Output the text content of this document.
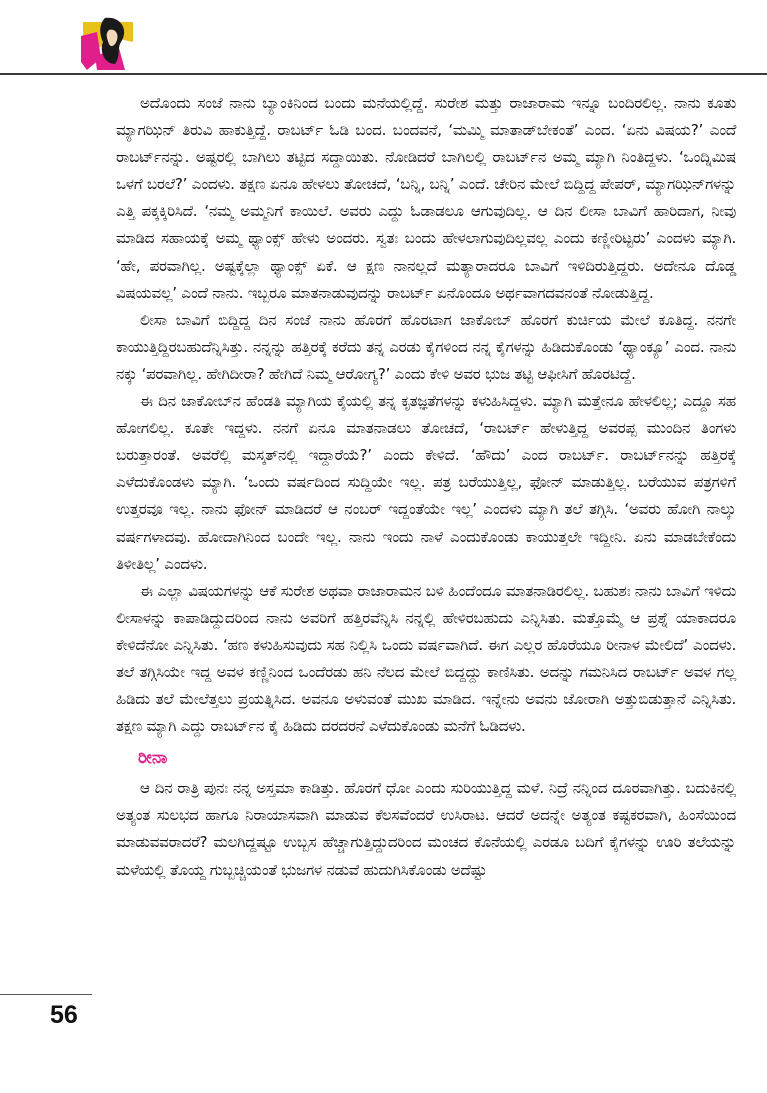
ಅದೊಂದು ಸಂಜೆ ನಾನು ಬ್ಯಾಂಕಿನಿಂದ ಬಂದು ಮನೆಯಲ್ಲಿದ್ದೆ. ಸುರೇಶ ಮತ್ತು ರಾಜಾರಾಮ ಇನ್ನೂ ಬಂದಿರಲಿಲ್ಲ. ನಾನು ಕೂತು ಮ್ಯಾಗಝಿನ್ ತಿರುವಿ ಹಾಕುತ್ತಿದ್ದೆ. ರಾಬರ್ಟ್ ಓಡಿ ಬಂದ. ಬಂದವನೆ, ‘ಮಮ್ಮಿ ಮಾತಾಡ್‌ಬೇಕಂತೆ’ ಎಂದ. ‘ಏನು ವಿಷಯ?’ ಎಂದೆ ರಾಬರ್ಟ್‌ನನ್ನು. ಅಷ್ಟರಲ್ಲಿ ಬಾಗಿಲು ತಟ್ಟಿದ ಸದ್ದಾಯಿತು. ನೋಡಿದರೆ ಬಾಗಿಲಲ್ಲಿ ರಾಬರ್ಟ್‌ನ ಅಮ್ಮ ಮ್ಯಾಗಿ ನಿಂತಿದ್ದಳು. ‘ಒಂದ್ನಿಮಿಷ ಒಳಗೆ ಬರಲೆ?’ ಎಂದಳು. ತಕ್ಷಣ ಏನೂ ಹೇಳಲು ತೋಚದೆ, ‘ಬನ್ನಿ, ಬನ್ನಿ’ ಎಂದೆ. ಚೇರಿನ ಮೇಲೆ ಬಿದ್ದಿದ್ದ ಪೇಪರ್, ಮ್ಯಾಗಝಿನ್‌ಗಳನ್ನು ಎತ್ತಿ ಪಕ್ಕಕ್ಕಿರಿಸಿದೆ. ‘ನಮ್ಮ ಅಮ್ಮನಿಗೆ ಕಾಯಿಲೆ. ಅವರು ಎದ್ದು ಓಡಾಡಲೂ ಆಗುವುದಿಲ್ಲ. ಆ ದಿನ ಲೀಸಾ ಬಾವಿಗೆ ಹಾರಿದಾಗ, ನೀವು ಮಾಡಿದ ಸಹಾಯಕ್ಕೆ ಅಮ್ಮ ಥ್ಯಾಂಕ್ಸ್ ಹೇಳು ಅಂದರು. ಸ್ವತಃ ಬಂದು ಹೇಳಲಾಗುವುದಿಲ್ಲವಲ್ಲ ಎಂದು ಕಣ್ಣೀರಿಟ್ಟರು’ ಎಂದಳು ಮ್ಯಾಗಿ. ‘ಹೇ, ಪರವಾಗಿಲ್ಲ. ಅಷ್ಟಕ್ಕೆಲ್ಲಾ ಥ್ಯಾಂಕ್ಸ್ ಏಕೆ. ಆ ಕ್ಷಣ ನಾನಲ್ಲದೆ ಮತ್ಯಾರಾದರೂ ಬಾವಿಗೆ ಇಳಿದಿರುತ್ತಿದ್ದರು. ಅದೇನೂ ದೊಡ್ಡ ವಿಷಯವಲ್ಲ’ ಎಂದೆ ನಾನು. ಇಬ್ಬರೂ ಮಾತನಾಡುವುದನ್ನು ರಾಬರ್ಟ್ ಏನೊಂದೂ ಅರ್ಥವಾಗದವನಂತೆ ನೋಡುತ್ತಿದ್ದ.

ಲೀಸಾ ಬಾವಿಗೆ ಬಿದ್ದಿದ್ದ ದಿನ ಸಂಜೆ ನಾನು ಹೊರಗೆ ಹೊರಟಾಗ ಜಾಕೋಬ್ ಹೊರಗೆ ಕುರ್ಚಿಯ ಮೇಲೆ ಕೂತಿದ್ದ. ನನಗೇ ಕಾಯುತ್ತಿದ್ದಿರಬಹುದೆನ್ನಿಸಿತ್ತು. ನನ್ನನ್ನು ಹತ್ತಿರಕ್ಕೆ ಕರೆದು ತನ್ನ ಎರಡು ಕೈಗಳಿಂದ ನನ್ನ ಕೈಗಳನ್ನು ಹಿಡಿದುಕೊಂಡು ‘ಥ್ಯಾಂಕ್ಯೂ’ ಎಂದ. ನಾನು ನಕ್ಕು ‘ಪರವಾಗಿಲ್ಲ. ಹೇಗಿದೀರಾ? ಹೇಗಿದೆ ನಿಮ್ಮ ಆರೋಗ್ಯ?’ ಎಂದು ಕೇಳಿ ಅವರ ಭುಜ ತಟ್ಟಿ ಆಫೀಸಿಗೆ ಹೊರಟಿದ್ದೆ.

ಈ ದಿನ ಜಾಕೋಬ್‌ನ ಹೆಂಡತಿ ಮ್ಯಾಗಿಯ ಕೈಯಲ್ಲಿ ತನ್ನ ಕೃತಜ್ಞತೆಗಳನ್ನು ಕಳುಹಿಸಿದ್ದಳು. ಮ್ಯಾಗಿ ಮತ್ತೇನೂ ಹೇಳಲಿಲ್ಲ; ಎದ್ದೂ ಸಹ ಹೋಗಲಿಲ್ಲ. ಕೂತೇ ಇದ್ದಳು. ನನಗೆ ಏನೂ ಮಾತನಾಡಲು ತೋಚದೆ, ‘ರಾಬರ್ಟ್ ಹೇಳುತ್ತಿದ್ದ ಅವರಪ್ಪ ಮುಂದಿನ ತಿಂಗಳು ಬರುತ್ತಾರಂತೆ. ಅವರೆಲ್ಲಿ ಮಸ್ಕತ್‌ನಲ್ಲಿ ಇದ್ದಾರೆಯೆ?’ ಎಂದು ಕೇಳಿದೆ. ‘ಹೌದು’ ಎಂದ ರಾಬರ್ಟ್. ರಾಬರ್ಟ್‌ನನ್ನು ಹತ್ತಿರಕ್ಕೆ ಎಳೆದುಕೊಂಡಳು ಮ್ಯಾಗಿ. ‘ಒಂದು ವರ್ಷದಿಂದ ಸುದ್ದಿಯೇ ಇಲ್ಲ. ಪತ್ರ ಬರೆಯುತ್ತಿಲ್ಲ, ಫೋನ್ ಮಾಡುತ್ತಿಲ್ಲ. ಬರೆಯುವ ಪತ್ರಗಳಿಗೆ ಉತ್ತರವೂ ಇಲ್ಲ. ನಾನು ಫೋನ್ ಮಾಡಿದರೆ ಆ ನಂಬರ್ ಇದ್ದಂತೆಯೇ ಇಲ್ಲ’ ಎಂದಳು ಮ್ಯಾಗಿ ತಲೆ ತಗ್ಗಿಸಿ. ‘ಅವರು ಹೋಗಿ ನಾಲ್ಕು ವರ್ಷಗಳಾದವು. ಹೋದಾಗಿನಿಂದ ಬಂದೇ ಇಲ್ಲ. ನಾನು ಇಂದು ನಾಳೆ ಎಂದುಕೊಂಡು ಕಾಯುತ್ತಲೇ ಇದ್ದೀನಿ. ಏನು ಮಾಡಬೇಕೆಂದು ತಿಳೀತಿಲ್ಲ’ ಎಂದಳು.

ಈ ಎಲ್ಲಾ ವಿಷಯಗಳನ್ನು ಆಕೆ ಸುರೇಶ ಅಥವಾ ರಾಜಾರಾಮನ ಬಳಿ ಹಿಂದೆಂದೂ ಮಾತನಾಡಿರಲಿಲ್ಲ. ಬಹುಶಃ ನಾನು ಬಾವಿಗೆ ಇಳಿದು ಲೀಸಾಳನ್ನು ಕಾಪಾಡಿದ್ದುದರಿಂದ ನಾನು ಅವರಿಗೆ ಹತ್ತಿರವೆನ್ನಿಸಿ ನನ್ನಲ್ಲಿ ಹೇಳಿರಬಹುದು ಎನ್ನಿಸಿತು. ಮತ್ತೊಮ್ಮೆ ಆ ಪ್ರಶ್ನೆ ಯಾಕಾದರೂ ಕೇಳಿದೆನೋ ಎನ್ನಿಸಿತು. ‘ಹಣ ಕಳುಹಿಸುವುದು ಸಹ ನಿಲ್ಲಿಸಿ ಒಂದು ವರ್ಷವಾಗಿದೆ. ಈಗ ಎಲ್ಲರ ಹೊರೆಯೂ ರೀನಾಳ ಮೇಲಿದೆ’ ಎಂದಳು. ತಲೆ ತಗ್ಗಿಸಿಯೇ ಇದ್ದ ಅವಳ ಕಣ್ಣಿನಿಂದ ಒಂದೆರಡು ಹನಿ ನೆಲದ ಮೇಲೆ ಬಿದ್ದದ್ದು ಕಾಣಿಸಿತು. ಅದನ್ನು ಗಮನಿಸಿದ ರಾಬರ್ಟ್ ಅವಳ ಗಲ್ಲ ಹಿಡಿದು ತಲೆ ಮೇಲೆತ್ತಲು ಪ್ರಯತ್ನಿಸಿದ. ಅವನೂ ಅಳುವಂತೆ ಮುಖ ಮಾಡಿದ. ಇನ್ನೇನು ಅವನು ಜೋರಾಗಿ ಅತ್ತುಬಿಡುತ್ತಾನೆ ಎನ್ನಿಸಿತು. ತಕ್ಷಣ ಮ್ಯಾಗಿ ಎದ್ದು ರಾಬರ್ಟ್‌ನ ಕೈ ಹಿಡಿದು ದರದರನೆ ಎಳೆದುಕೊಂಡು ಮನೆಗೆ ಓಡಿದಳು.

ರೀನಾ

ಆ ದಿನ ರಾತ್ರಿ ಪುನಃ ನನ್ನ ಅಸ್ತಮಾ ಕಾಡಿತ್ತು. ಹೊರಗೆ ಧೋ ಎಂದು ಸುರಿಯುತ್ತಿದ್ದ ಮಳೆ. ನಿದ್ರೆ ನನ್ನಿಂದ ದೂರವಾಗಿತ್ತು. ಬದುಕಿನಲ್ಲಿ ಅತ್ಯಂತ ಸುಲಭದ ಹಾಗೂ ನಿರಾಯಾಸವಾಗಿ ಮಾಡುವ ಕೆಲಸವೆಂದರೆ ಉಸಿರಾಟ. ಆದರೆ ಅದನ್ನೇ ಅತ್ಯಂತ ಕಷ್ಟಕರವಾಗಿ, ಹಿಂಸೆಯಿಂದ ಮಾಡುವವರಾದರೆ? ಮಲಗಿದ್ದಷ್ಟೂ ಉಬ್ಬಸ ಹೆಚ್ಚಾಗುತ್ತಿದ್ದುದರಿಂದ ಮಂಚದ ಕೊನೆಯಲ್ಲಿ ಎರಡೂ ಬದಿಗೆ ಕೈಗಳನ್ನು ಊರಿ ತಲೆಯನ್ನು ಮಳೆಯಲ್ಲಿ ತೊಯ್ದ ಗುಬ್ಬಚ್ಚಿಯಂತೆ ಭುಜಗಳ ನಡುವೆ ಹುದುಗಿಸಿಕೊಂಡು ಅದೆಷ್ಟು

56
